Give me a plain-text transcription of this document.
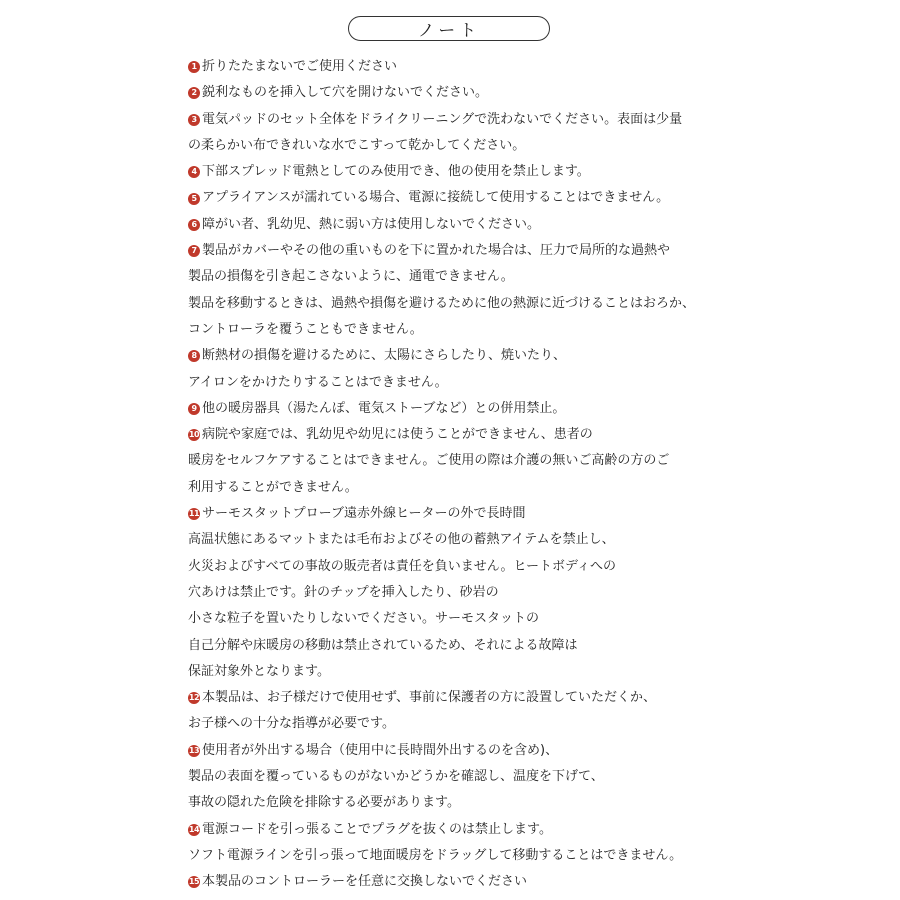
ノート
1 折りたたまないでご使用ください
2 鋭利なものを挿入して穴を開けないでください。
3 電気パッドのセット全体をドライクリーニングで洗わないでください。表面は少量
の柔らかい布できれいな水でこすって乾かしてください。
4 下部スプレッド電熱としてのみ使用でき、他の使用を禁止します。
5 アプライアンスが濡れている場合、電源に接続して使用することはできません。
6 障がい者、乳幼児、熱に弱い方は使用しないでください。
7 製品がカバーやその他の重いものを下に置かれた場合は、圧力で局所的な過熱や
製品の損傷を引き起こさないように、通電できません。
製品を移動するときは、過熱や損傷を避けるために他の熱源に近づけることはおろか、
コントローラを覆うこともできません。
8 断熱材の損傷を避けるために、太陽にさらしたり、焼いたり、
アイロンをかけたりすることはできません。
9 他の暖房器具（湯たんぽ、電気ストーブなど）との併用禁止。
10 病院や家庭では、乳幼児や幼児には使うことができません、患者の
暖房をセルフケアすることはできません。ご使用の際は介護の無いご高齢の方のご
利用することができません。
11 サーモスタットプローブ遠赤外線ヒーターの外で長時間
高温状態にあるマットまたは毛布およびその他の蓄熱アイテムを禁止し、
火災およびすべての事故の販売者は責任を負いません。ヒートボディへの
穴あけは禁止です。針のチップを挿入したり、砂岩の
小さな粒子を置いたりしないでください。サーモスタットの
自己分解や床暖房の移動は禁止されているため、それによる故障は
保証対象外となります。
12 本製品は、お子様だけで使用せず、事前に保護者の方に設置していただくか、
お子様への十分な指導が必要です。
13 使用者が外出する場合（使用中に長時間外出するのを含め)、
製品の表面を覆っているものがないかどうかを確認し、温度を下げて、
事故の隠れた危険を排除する必要があります。
14 電源コードを引っ張ることでプラグを抜くのは禁止します。
ソフト電源ラインを引っ張って地面暖房をドラッグして移動することはできません。
15 本製品のコントローラーを任意に交換しないでください
